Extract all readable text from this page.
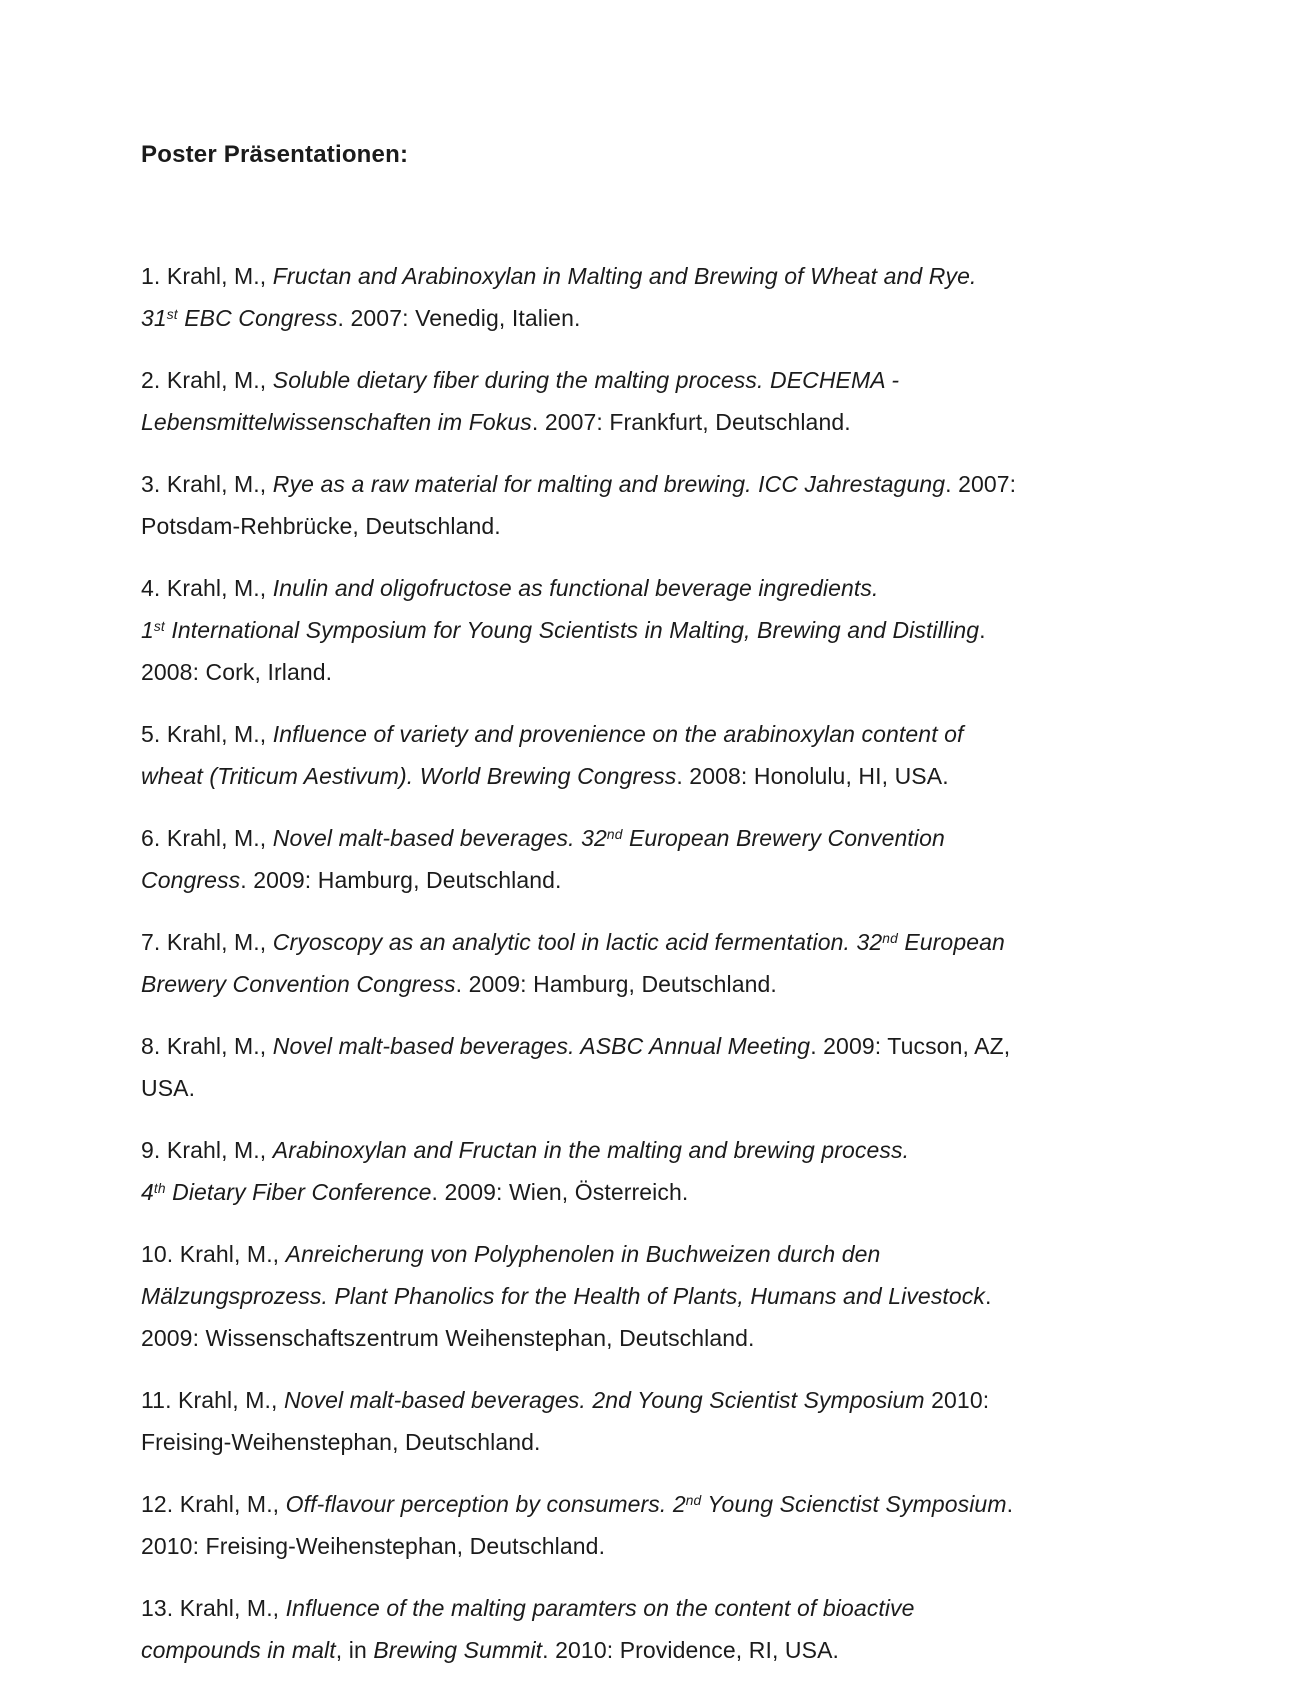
Poster Präsentationen:

1. Krahl, M., Fructan and Arabinoxylan in Malting and Brewing of Wheat and Rye.
31st EBC Congress. 2007: Venedig, Italien.

2. Krahl, M., Soluble dietary fiber during the malting process. DECHEMA -
Lebensmittelwissenschaften im Fokus. 2007: Frankfurt, Deutschland.

3. Krahl, M., Rye as a raw material for malting and brewing. ICC Jahrestagung. 2007:
Potsdam-Rehbrücke, Deutschland.

4. Krahl, M., Inulin and oligofructose as functional beverage ingredients.
1st International Symposium for Young Scientists in Malting, Brewing and Distilling.
2008: Cork, Irland.

5. Krahl, M., Influence of variety and provenience on the arabinoxylan content of
wheat (Triticum Aestivum). World Brewing Congress. 2008: Honolulu, HI, USA.

6. Krahl, M., Novel malt-based beverages. 32nd European Brewery Convention
Congress. 2009: Hamburg, Deutschland.

7. Krahl, M., Cryoscopy as an analytic tool in lactic acid fermentation. 32nd European
Brewery Convention Congress. 2009: Hamburg, Deutschland.

8. Krahl, M., Novel malt-based beverages. ASBC Annual Meeting. 2009: Tucson, AZ,
USA.

9. Krahl, M., Arabinoxylan and Fructan in the malting and brewing process.
4th Dietary Fiber Conference. 2009: Wien, Österreich.

10. Krahl, M., Anreicherung von Polyphenolen in Buchweizen durch den
Mälzungsprozess. Plant Phanolics for the Health of Plants, Humans and Livestock.
2009: Wissenschaftszentrum Weihenstephan, Deutschland.

11. Krahl, M., Novel malt-based beverages. 2nd Young Scientist Symposium 2010:
Freising-Weihenstephan, Deutschland.

12. Krahl, M., Off-flavour perception by consumers. 2nd Young Scienctist Symposium.
2010: Freising-Weihenstephan, Deutschland.

13. Krahl, M., Influence of the malting paramters on the content of bioactive
compounds in malt, in Brewing Summit. 2010: Providence, RI, USA.
